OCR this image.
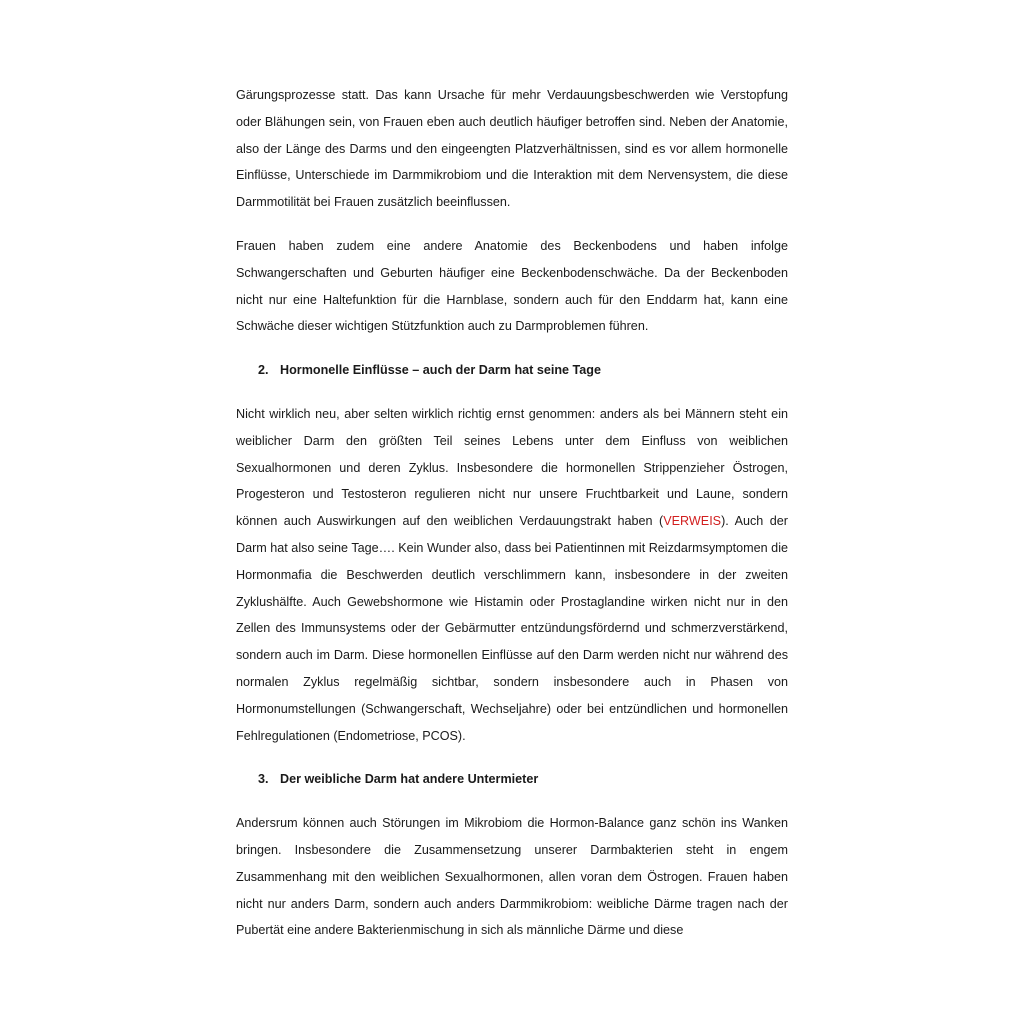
Gärungsprozesse statt. Das kann Ursache für mehr Verdauungsbeschwerden wie Verstopfung oder Blähungen sein, von Frauen eben auch deutlich häufiger betroffen sind. Neben der Anatomie, also der Länge des Darms und den eingeengten Platzverhältnissen, sind es vor allem hormonelle Einflüsse, Unterschiede im Darmmikrobiom und die Interaktion mit dem Nervensystem, die diese Darmmotilität bei Frauen zusätzlich beeinflussen.

Frauen haben zudem eine andere Anatomie des Beckenbodens und haben infolge Schwangerschaften und Geburten häufiger eine Beckenbodenschwäche. Da der Beckenboden nicht nur eine Haltefunktion für die Harnblase, sondern auch für den Enddarm hat, kann eine Schwäche dieser wichtigen Stützfunktion auch zu Darmproblemen führen.

2. Hormonelle Einflüsse – auch der Darm hat seine Tage

Nicht wirklich neu, aber selten wirklich richtig ernst genommen: anders als bei Männern steht ein weiblicher Darm den größten Teil seines Lebens unter dem Einfluss von weiblichen Sexualhormonen und deren Zyklus. Insbesondere die hormonellen Strippenzieher Östrogen, Progesteron und Testosteron regulieren nicht nur unsere Fruchtbarkeit und Laune, sondern können auch Auswirkungen auf den weiblichen Verdauungstrakt haben (VERWEIS). Auch der Darm hat also seine Tage…. Kein Wunder also, dass bei Patientinnen mit Reizdarmsymptomen die Hormonmafia die Beschwerden deutlich verschlimmern kann, insbesondere in der zweiten Zyklushälfte. Auch Gewebshormone wie Histamin oder Prostaglandine wirken nicht nur in den Zellen des Immunsystems oder der Gebärmutter entzündungsfördernd und schmerzverstärkend, sondern auch im Darm. Diese hormonellen Einflüsse auf den Darm werden nicht nur während des normalen Zyklus regelmäßig sichtbar, sondern insbesondere auch in Phasen von Hormonumstellungen (Schwangerschaft, Wechseljahre) oder bei entzündlichen und hormonellen Fehlregulationen (Endometriose, PCOS).

3. Der weibliche Darm hat andere Untermieter

Andersrum können auch Störungen im Mikrobiom die Hormon-Balance ganz schön ins Wanken bringen. Insbesondere die Zusammensetzung unserer Darmbakterien steht in engem Zusammenhang mit den weiblichen Sexualhormonen, allen voran dem Östrogen. Frauen haben nicht nur anders Darm, sondern auch anders Darmmikrobiom: weibliche Därme tragen nach der Pubertät eine andere Bakterienmischung in sich als männliche Därme und diese
